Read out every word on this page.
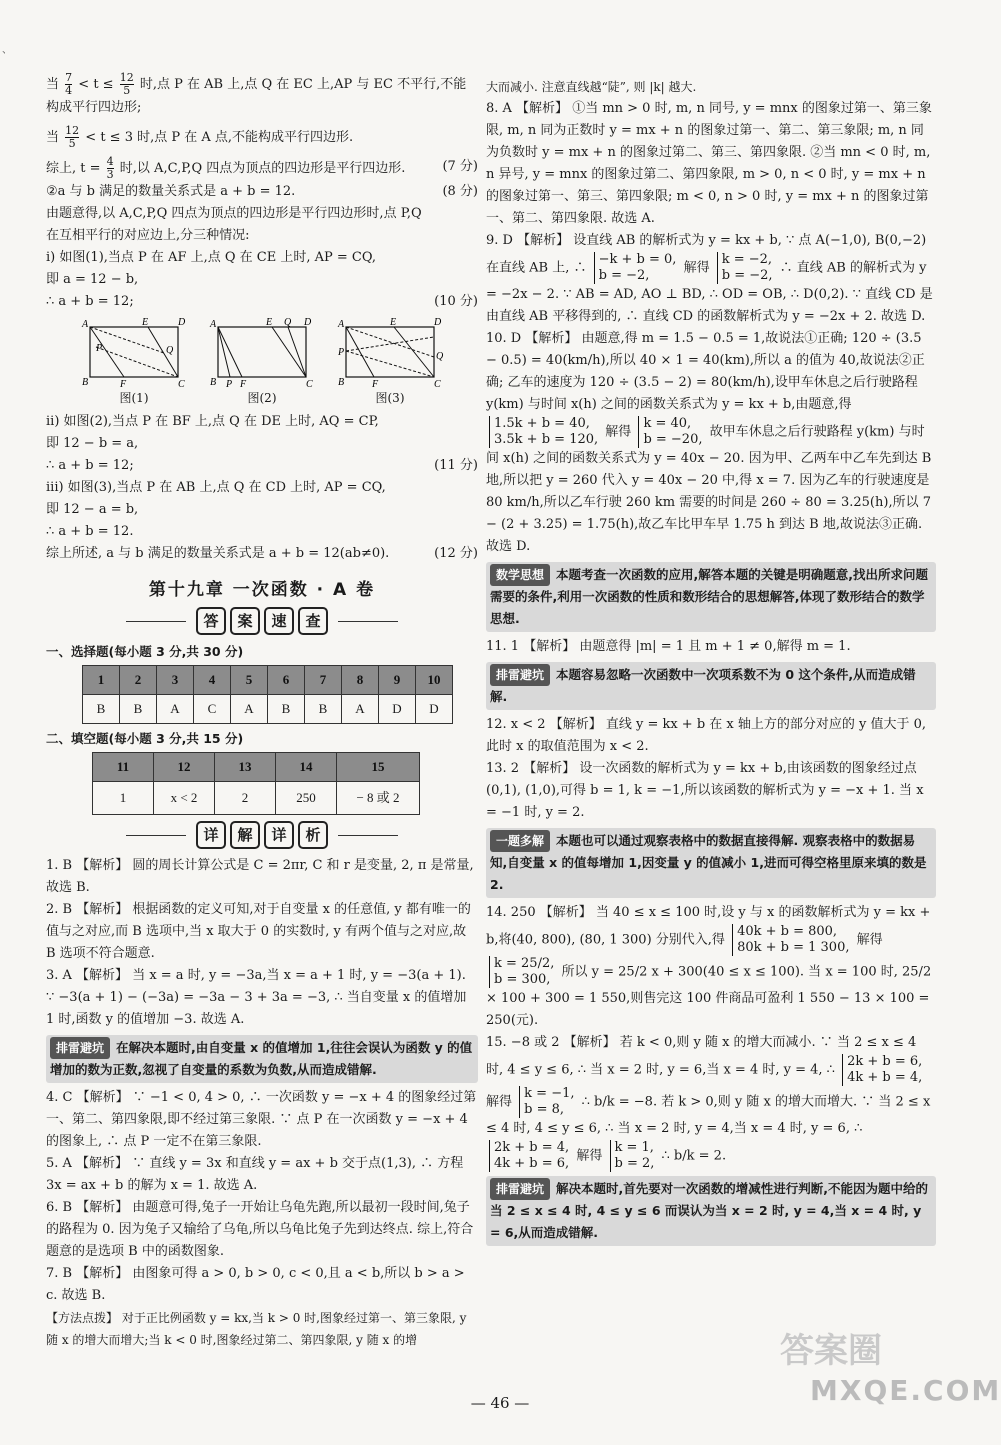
、

当 $\frac{7}{4} < t \le \frac{12}{5}$ 时,点 P 在 AB 上,点 Q 在 EC 上,AP 与 EC 不平行,不能

构成平行四边形;

当 $\frac{12}{5} < t \le 3$ 时,点 P 在 A 点,不能构成平行四边形.

综上, $t = \frac{4}{3}$ 时,以 A,C,P,Q 四点为顶点的四边形是平行四边形.	(7 分)

②a 与 b 满足的数量关系式是 a + b = 12.	(8 分)

由题意得,以 A,C,P,Q 四点为顶点的四边形是平行四边形时,点 P,Q

在互相平行的对应边上,分三种情况:

i) 如图(1),当点 P 在 AF 上,点 Q 在 CE 上时, AP = CQ,

即 a = 12 − b,

∴ a + b = 12;	(10 分)

A	E	D
P	Q
B	F	C
图(1)
A	E Q D
B P F	C
图(2)
A	E	D
P	Q
B	F	C
图(3)

ii) 如图(2),当点 P 在 BF 上,点 Q 在 DE 上时, AQ = CP,

即 12 − b = a,

∴ a + b = 12;	(11 分)

iii) 如图(3),当点 P 在 AB 上,点 Q 在 CD 上时, AP = CQ,

即 12 − a = b,

∴ a + b = 12.

综上所述, a 与 b 满足的数量关系式是 a + b = 12(ab≠0).	(12 分)

第十九章 一次函数 · A 卷
答	案	速	查
一、选择题(每小题 3 分,共 30 分)
1	2	3	4	5	6	7	8	9	10
B	B	A	C	A	B	B	A	D	D
二、填空题(每小题 3 分,共 15 分)
11	12	13	14	15
1	x < 2	2	250	− 8 或 2
详	解	详	析

1. B 【解析】 圆的周长计算公式是 C = 2πr, C 和 r 是变量, 2, π 是常量,故选 B.

2. B 【解析】 根据函数的定义可知,对于自变量 x 的任意值, y 都有唯一的值与之对应,而 B 选项中,当 x 取大于 0 的实数时, y 有两个值与之对应,故 B 选项不符合题意.

3. A 【解析】 当 x = a 时, y = −3a,当 x = a + 1 时, y = −3(a + 1). ∵ −3(a + 1) − (−3a) = −3a − 3 + 3a = −3, ∴ 当自变量 x 的值增加 1 时,函数 y 的值增加 −3. 故选 A.

排雷避坑 在解决本题时,由自变量 x 的值增加 1,往往会误认为函数 y 的值增加的数为正数,忽视了自变量的系数为负数,从而造成错解.

4. C 【解析】 ∵ −1 < 0, 4 > 0, ∴ 一次函数 y = −x + 4 的图象经过第一、第二、第四象限,即不经过第三象限. ∵ 点 P 在一次函数 y = −x + 4 的图象上, ∴ 点 P 一定不在第三象限.

5. A 【解析】 ∵ 直线 y = 3x 和直线 y = ax + b 交于点(1,3), ∴ 方程 3x = ax + b 的解为 x = 1. 故选 A.

6. B 【解析】 由题意可得,兔子一开始让乌龟先跑,所以最初一段时间,兔子的路程为 0. 因为兔子又输给了乌龟,所以乌龟比兔子先到达终点. 综上,符合题意的是选项 B 中的函数图象.

7. B 【解析】 由图象可得 a > 0, b > 0, c < 0,且 a < b,所以 b > a > c. 故选 B.

【方法点拨】 对于正比例函数 y = kx,当 k > 0 时,图象经过第一、第三象限, y 随 x 的增大而增大;当 k < 0 时,图象经过第二、第四象限, y 随 x 的增

大而减小. 注意直线越“陡”, 则 |k| 越大.

8. A 【解析】 ①当 mn > 0 时, m, n 同号, y = mnx 的图象过第一、第三象限, m, n 同为正数时 y = mx + n 的图象过第一、第二、第三象限; m, n 同为负数时 y = mx + n 的图象过第二、第三、第四象限. ②当 mn < 0 时, m, n 异号, y = mnx 的图象过第二、第四象限, m > 0, n < 0 时, y = mx + n 的图象过第一、第三、第四象限; m < 0, n > 0 时, y = mx + n 的图象过第一、第二、第四象限. 故选 A.

9. D 【解析】 设直线 AB 的解析式为 y = kx + b, ∵ 点 A(−1,0), B(0,−2) 在直线 AB 上, ∴ −k + b = 0,
b = −2,	解得 k = −2,
b = −2, ∴ 直线 AB 的解析式为 y = −2x − 2. ∵ AB = AD, AO ⊥ BD, ∴ OD = OB, ∴ D(0,2). ∵ 直线 CD 是由直线 AB 平移得到的, ∴ 直线 CD 的函数解析式为 y = −2x + 2. 故选 D.

10. D 【解析】 由题意,得 m = 1.5 − 0.5 = 1,故说法①正确; 120 ÷ (3.5 − 0.5) = 40(km/h),所以 40 × 1 = 40(km),所以 a 的值为 40,故说法②正确; 乙车的速度为 120 ÷ (3.5 − 2) = 80(km/h),设甲车休息之后行驶路程 y(km) 与时间 x(h) 之间的函数关系式为 y = kx + b,由题意,得 1.5k + b = 40,
3.5k + b = 120, 解得 k = 40,
b = −20, 故甲车休息之后行驶路程 y(km) 与时间 x(h) 之间的函数关系式为 y = 40x − 20. 因为甲、乙两车中乙车先到达 B 地,所以把 y = 260 代入 y = 40x − 20 中,得 x = 7. 因为乙车的行驶速度是 80 km/h,所以乙车行驶 260 km 需要的时间是 260 ÷ 80 = 3.25(h),所以 7 − (2 + 3.25) = 1.75(h),故乙车比甲车早 1.75 h 到达 B 地,故说法③正确. 故选 D.

数学思想 本题考查一次函数的应用,解答本题的关键是明确题意,找出所求问题需要的条件,利用一次函数的性质和数形结合的思想解答,体现了数形结合的数学思想.

11. 1 【解析】 由题意得 |m| = 1 且 m + 1 ≠ 0,解得 m = 1.

排雷避坑 本题容易忽略一次函数中一次项系数不为 0 这个条件,从而造成错解.

12. x < 2 【解析】 直线 y = kx + b 在 x 轴上方的部分对应的 y 值大于 0,此时 x 的取值范围为 x < 2.

13. 2 【解析】 设一次函数的解析式为 y = kx + b,由该函数的图象经过点(0,1), (1,0),可得 b = 1, k = −1,所以该函数的解析式为 y = −x + 1. 当 x = −1 时, y = 2.

一题多解 本题也可以通过观察表格中的数据直接得解. 观察表格中的数据易知,自变量 x 的值每增加 1,因变量 y 的值减小 1,进而可得空格里原来填的数是 2.

14. 250 【解析】 当 40 ≤ x ≤ 100 时,设 y 与 x 的函数解析式为 y = kx + b,将(40, 800), (80, 1 300) 分别代入,得 40k + b = 800,
80k + b = 1 300, 解得 k = 25/2,
b = 300, 所以 y = 25/2 x + 300(40 ≤ x ≤ 100). 当 x = 100 时, 25/2 × 100 + 300 = 1 550,则售完这 100 件商品可盈利 1 550 − 13 × 100 = 250(元).

15. −8 或 2 【解析】 若 k < 0,则 y 随 x 的增大而减小. ∵ 当 2 ≤ x ≤ 4 时, 4 ≤ y ≤ 6, ∴ 当 x = 2 时, y = 6,当 x = 4 时, y = 4, ∴ 2k + b = 6,
4k + b = 4, 解得 k = −1,
b = 8, ∴ b/k = −8. 若 k > 0,则 y 随 x 的增大而增大. ∵ 当 2 ≤ x ≤ 4 时, 4 ≤ y ≤ 6, ∴ 当 x = 2 时, y = 4,当 x = 4 时, y = 6, ∴ 2k + b = 4,
4k + b = 6, 解得 k = 1,
b = 2, ∴ b/k = 2.

排雷避坑 解决本题时,首先要对一次函数的增减性进行判断,不能因为题中给的当 2 ≤ x ≤ 4 时, 4 ≤ y ≤ 6 而误认为当 x = 2 时, y = 4,当 x = 4 时, y = 6,从而造成错解.
答案圈
— 46 —	MXQE.COM
